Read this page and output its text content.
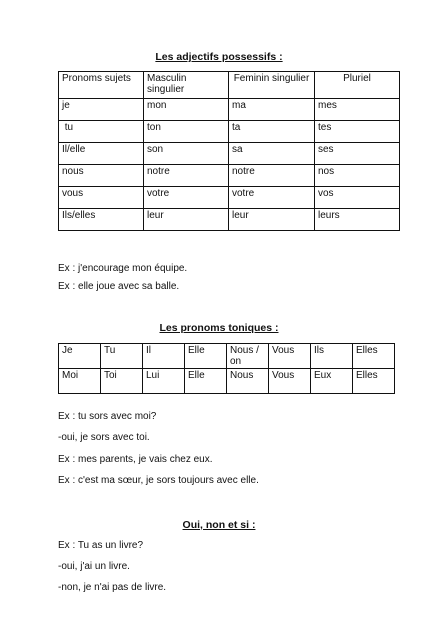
Les adjectifs possessifs :
Pronoms sujets	Masculin singulier	Feminin singulier	Pluriel
je	mon	ma	mes
tu	ton	ta	tes
Il/elle	son	sa	ses
nous	notre	notre	nos
vous	votre	votre	vos
Ils/elles	leur	leur	leurs
Ex : j'encourage mon équipe.
Ex : elle joue avec sa balle.
Les pronoms toniques :
Je	Tu	Il	Elle	Nous / on	Vous	Ils	Elles
Moi	Toi	Lui	Elle	Nous	Vous	Eux	Elles
Ex : tu sors avec moi?
-oui, je sors avec toi.
Ex : mes parents, je vais chez eux.
Ex : c'est ma sœur, je sors toujours avec elle.
Oui, non et si :
Ex : Tu as un livre?
-oui, j'ai un livre.
-non, je n'ai pas de livre.
